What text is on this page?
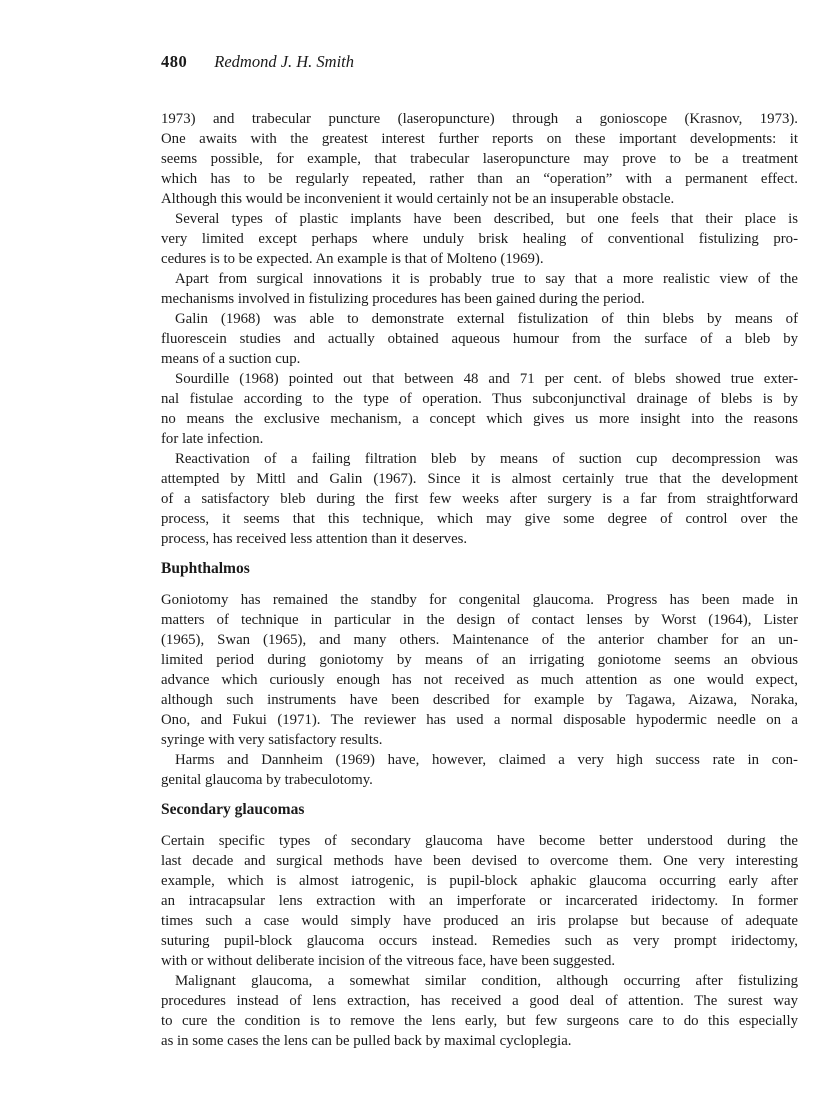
480 Redmond J. H. Smith
1973) and trabecular puncture (laseropuncture) through a gonioscope (Krasnov, 1973).
One awaits with the greatest interest further reports on these important developments: it
seems possible, for example, that trabecular laseropuncture may prove to be a treatment
which has to be regularly repeated, rather than an “operation” with a permanent effect.
Although this would be inconvenient it would certainly not be an insuperable obstacle.
Several types of plastic implants have been described, but one feels that their place is
very limited except perhaps where unduly brisk healing of conventional fistulizing pro-
cedures is to be expected. An example is that of Molteno (1969).
Apart from surgical innovations it is probably true to say that a more realistic view of the
mechanisms involved in fistulizing procedures has been gained during the period.
Galin (1968) was able to demonstrate external fistulization of thin blebs by means of
fluorescein studies and actually obtained aqueous humour from the surface of a bleb by
means of a suction cup.
Sourdille (1968) pointed out that between 48 and 71 per cent. of blebs showed true exter-
nal fistulae according to the type of operation. Thus subconjunctival drainage of blebs is by
no means the exclusive mechanism, a concept which gives us more insight into the reasons
for late infection.
Reactivation of a failing filtration bleb by means of suction cup decompression was
attempted by Mittl and Galin (1967). Since it is almost certainly true that the development
of a satisfactory bleb during the first few weeks after surgery is a far from straightforward
process, it seems that this technique, which may give some degree of control over the
process, has received less attention than it deserves.
Buphthalmos
Goniotomy has remained the standby for congenital glaucoma. Progress has been made in
matters of technique in particular in the design of contact lenses by Worst (1964), Lister
(1965), Swan (1965), and many others. Maintenance of the anterior chamber for an un-
limited period during goniotomy by means of an irrigating goniotome seems an obvious
advance which curiously enough has not received as much attention as one would expect,
although such instruments have been described for example by Tagawa, Aizawa, Noraka,
Ono, and Fukui (1971). The reviewer has used a normal disposable hypodermic needle on a
syringe with very satisfactory results.
Harms and Dannheim (1969) have, however, claimed a very high success rate in con-
genital glaucoma by trabeculotomy.
Secondary glaucomas
Certain specific types of secondary glaucoma have become better understood during the
last decade and surgical methods have been devised to overcome them. One very interesting
example, which is almost iatrogenic, is pupil-block aphakic glaucoma occurring early after
an intracapsular lens extraction with an imperforate or incarcerated iridectomy. In former
times such a case would simply have produced an iris prolapse but because of adequate
suturing pupil-block glaucoma occurs instead. Remedies such as very prompt iridectomy,
with or without deliberate incision of the vitreous face, have been suggested.
Malignant glaucoma, a somewhat similar condition, although occurring after fistulizing
procedures instead of lens extraction, has received a good deal of attention. The surest way
to cure the condition is to remove the lens early, but few surgeons care to do this especially
as in some cases the lens can be pulled back by maximal cycloplegia.
